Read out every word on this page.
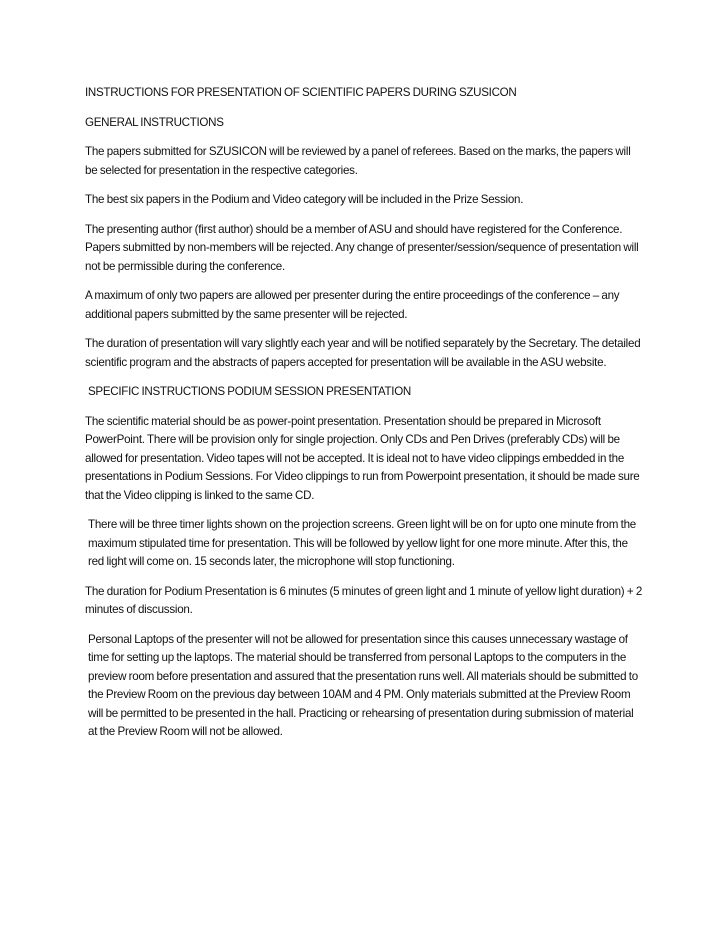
INSTRUCTIONS FOR PRESENTATION OF SCIENTIFIC PAPERS DURING SZUSICON

GENERAL INSTRUCTIONS

The papers submitted for SZUSICON will be reviewed by a panel of referees. Based on the marks, the papers will be selected for presentation in the respective categories.

The best six papers in the Podium and Video category will be included in the Prize Session.

The presenting author (first author) should be a member of ASU and should have registered for the Conference. Papers submitted by non-members will be rejected. Any change of presenter/session/sequence of presentation will not be permissible during the conference.

A maximum of only two papers are allowed per presenter during the entire proceedings of the conference – any additional papers submitted by the same presenter will be rejected.

The duration of presentation will vary slightly each year and will be notified separately by the Secretary. The detailed scientific program and the abstracts of papers accepted for presentation will be available in the ASU website.

SPECIFIC INSTRUCTIONS PODIUM SESSION PRESENTATION

The scientific material should be as power-point presentation. Presentation should be prepared in Microsoft PowerPoint. There will be provision only for single projection. Only CDs and Pen Drives (preferably CDs) will be allowed for presentation. Video tapes will not be accepted. It is ideal not to have video clippings embedded in the presentations in Podium Sessions. For Video clippings to run from Powerpoint presentation, it should be made sure that the Video clipping is linked to the same CD.

There will be three timer lights shown on the projection screens. Green light will be on for upto one minute from the maximum stipulated time for presentation. This will be followed by yellow light for one more minute. After this, the red light will come on. 15 seconds later, the microphone will stop functioning.

The duration for Podium Presentation is 6 minutes (5 minutes of green light and 1 minute of yellow light duration) + 2 minutes of discussion.

Personal Laptops of the presenter will not be allowed for presentation since this causes unnecessary wastage of time for setting up the laptops. The material should be transferred from personal Laptops to the computers in the preview room before presentation and assured that the presentation runs well. All materials should be submitted to the Preview Room on the previous day between 10AM and 4 PM. Only materials submitted at the Preview Room will be permitted to be presented in the hall. Practicing or rehearsing of presentation during submission of material at the Preview Room will not be allowed.
